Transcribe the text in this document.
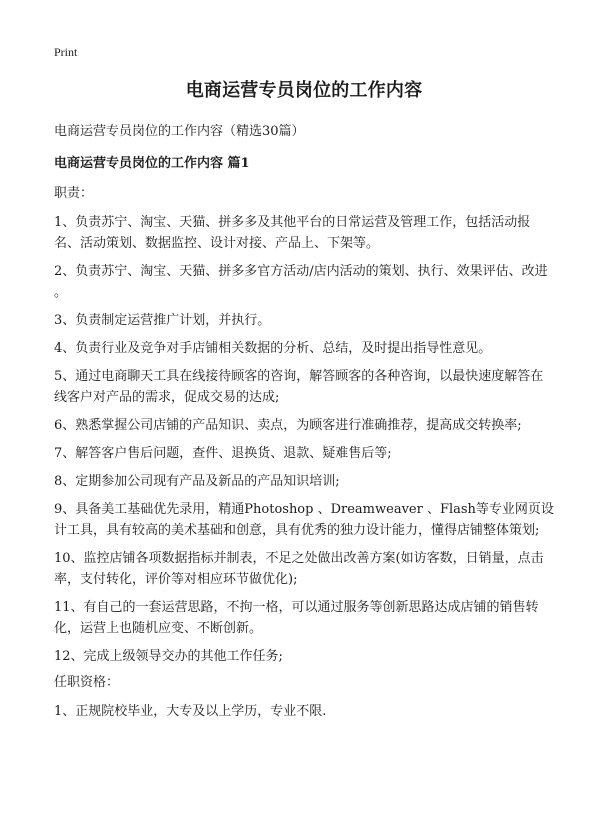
Print
电商运营专员岗位的工作内容
电商运营专员岗位的工作内容（精选30篇）
电商运营专员岗位的工作内容 篇1
职责：
1、负责苏宁、淘宝、天猫、拼多多及其他平台的日常运营及管理工作，包括活动报名、活动策划、数据监控、设计对接、产品上、下架等。
2、负责苏宁、淘宝、天猫、拼多多官方活动/店内活动的策划、执行、效果评估、改进 。
3、负责制定运营推广计划，并执行。
4、负责行业及竞争对手店铺相关数据的分析、总结，及时提出指导性意见。
5、通过电商聊天工具在线接待顾客的咨询，解答顾客的各种咨询，以最快速度解答在线客户对产品的需求，促成交易的达成;
6、熟悉掌握公司店铺的产品知识、卖点，为顾客进行准确推荐，提高成交转换率;
7、解答客户售后问题，查件、退换货、退款、疑难售后等;
8、定期参加公司现有产品及新品的产品知识培训;
9、具备美工基础优先录用，精通Photoshop 、Dreamweaver 、Flash等专业网页设计工具，具有较高的美术基础和创意，具有优秀的独力设计能力，懂得店铺整体策划;
10、监控店铺各项数据指标并制表，不足之处做出改善方案(如访客数，日销量，点击率，支付转化，评价等对相应环节做优化);
11、有自己的一套运营思路，不拘一格，可以通过服务等创新思路达成店铺的销售转化，运营上也随机应变、不断创新。
12、完成上级领导交办的其他工作任务;
任职资格：
1、正规院校毕业，大专及以上学历，专业不限.
